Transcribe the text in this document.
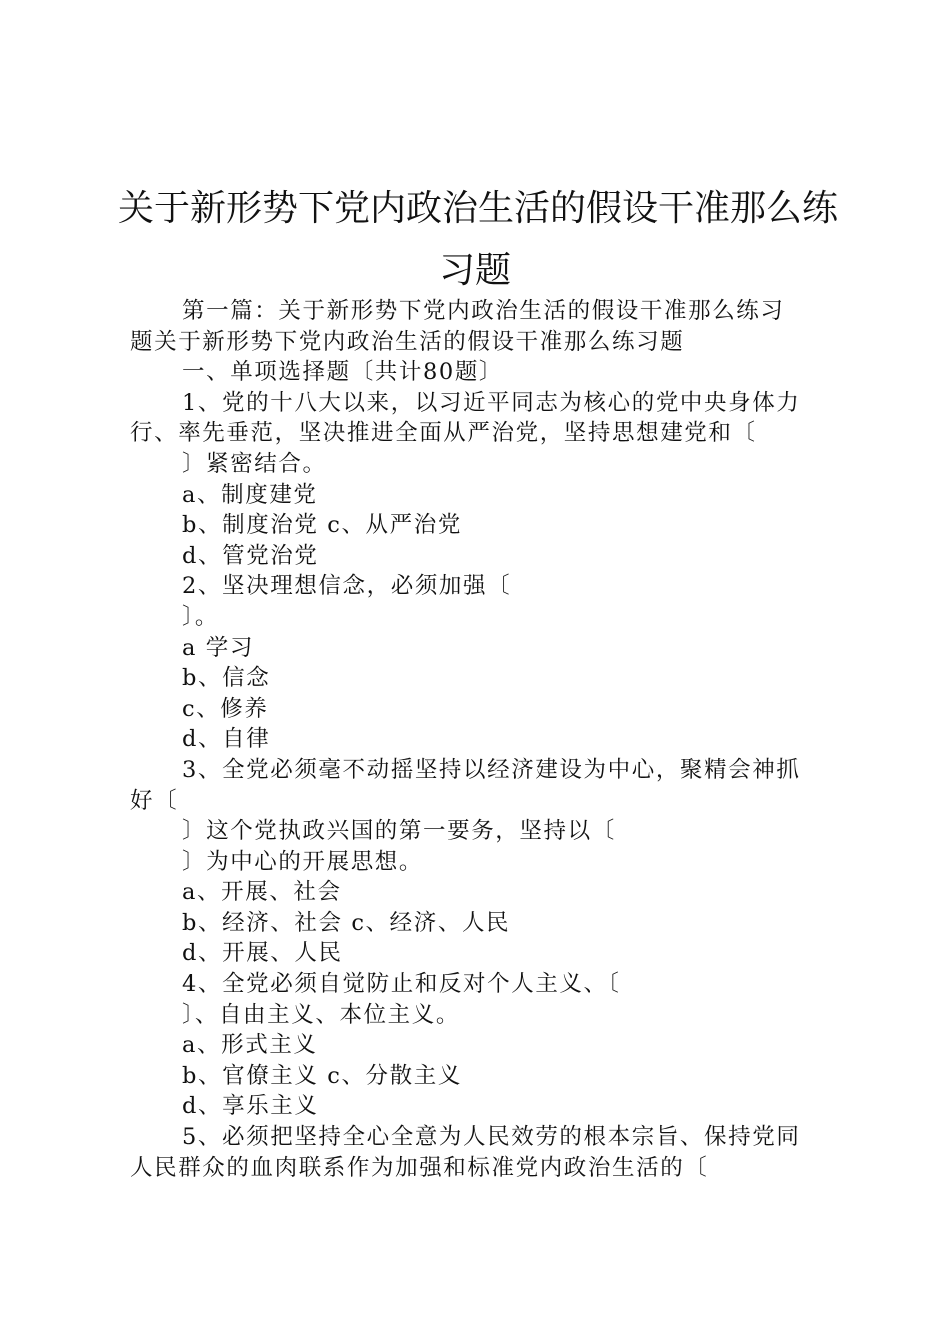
关于新形势下党内政治生活的假设干准那么练
习题
第一篇：关于新形势下党内政治生活的假设干准那么练习
题关于新形势下党内政治生活的假设干准那么练习题
一、单项选择题〔共计80题〕
1、党的十八大以来，以习近平同志为核心的党中央身体力
行、率先垂范，坚决推进全面从严治党，坚持思想建党和〔
〕紧密结合。
a、制度建党
b、制度治党 c、从严治党
d、管党治党
2、坚决理想信念，必须加强〔
〕。
a 学习
b、信念
c、修养
d、自律
3、全党必须毫不动摇坚持以经济建设为中心，聚精会神抓
好〔
〕这个党执政兴国的第一要务，坚持以〔
〕为中心的开展思想。
a、开展、社会
b、经济、社会 c、经济、人民
d、开展、人民
4、全党必须自觉防止和反对个人主义、〔
〕、自由主义、本位主义。
a、形式主义
b、官僚主义 c、分散主义
d、享乐主义
5、必须把坚持全心全意为人民效劳的根本宗旨、保持党同
人民群众的血肉联系作为加强和标准党内政治生活的〔
